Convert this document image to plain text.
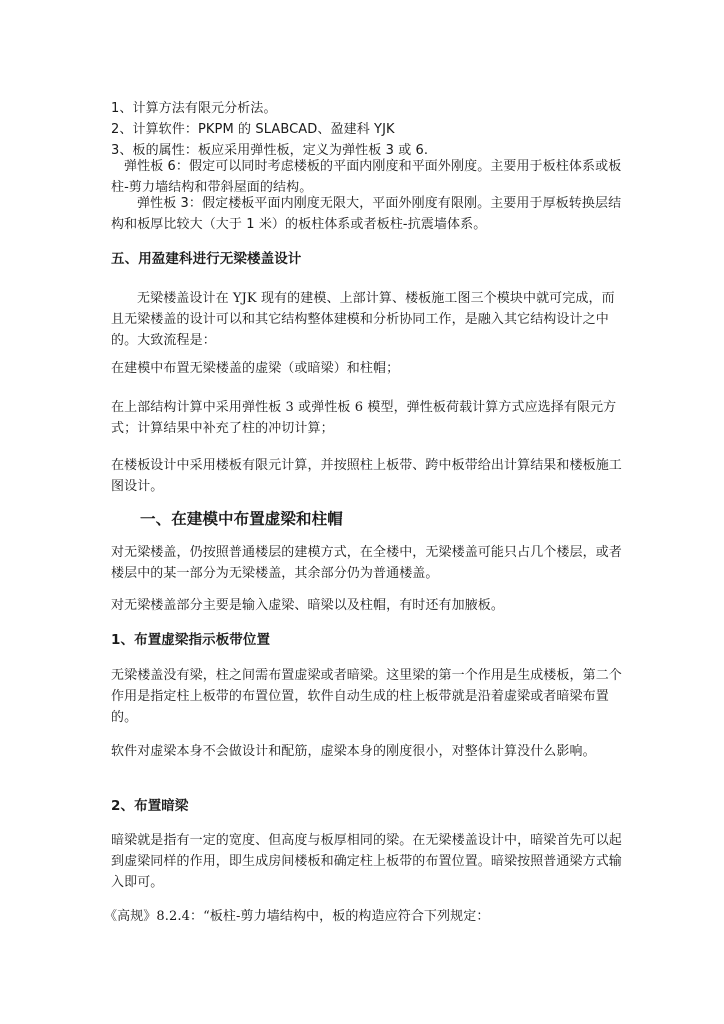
1、计算方法有限元分析法。

2、计算软件：PKPM 的 SLABCAD、盈建科 YJK

3、板的属性：板应采用弹性板，定义为弹性板 3 或 6.

弹性板 6：假定可以同时考虑楼板的平面内刚度和平面外刚度。主要用于板柱体系或板柱-剪力墙结构和带斜屋面的结构。

弹性板 3：假定楼板平面内刚度无限大，平面外刚度有限刚。主要用于厚板转换层结构和板厚比较大（大于 1 米）的板柱体系或者板柱-抗震墙体系。

五、用盈建科进行无梁楼盖设计

无梁楼盖设计在 YJK 现有的建模、上部计算、楼板施工图三个模块中就可完成，而且无梁楼盖的设计可以和其它结构整体建模和分析协同工作，是融入其它结构设计之中的。大致流程是：

在建模中布置无梁楼盖的虚梁（或暗梁）和柱帽；

在上部结构计算中采用弹性板 3 或弹性板 6 模型，弹性板荷载计算方式应选择有限元方式；计算结果中补充了柱的冲切计算；

在楼板设计中采用楼板有限元计算，并按照柱上板带、跨中板带给出计算结果和楼板施工图设计。

一、在建模中布置虚梁和柱帽

对无梁楼盖，仍按照普通楼层的建模方式，在全楼中，无梁楼盖可能只占几个楼层，或者楼层中的某一部分为无梁楼盖，其余部分仍为普通楼盖。

对无梁楼盖部分主要是输入虚梁、暗梁以及柱帽，有时还有加腋板。

1、布置虚梁指示板带位置

无梁楼盖没有梁，柱之间需布置虚梁或者暗梁。这里梁的第一个作用是生成楼板，第二个作用是指定柱上板带的布置位置，软件自动生成的柱上板带就是沿着虚梁或者暗梁布置的。

软件对虚梁本身不会做设计和配筋，虚梁本身的刚度很小，对整体计算没什么影响。

2、布置暗梁

暗梁就是指有一定的宽度、但高度与板厚相同的梁。在无梁楼盖设计中，暗梁首先可以起到虚梁同样的作用，即生成房间楼板和确定柱上板带的布置位置。暗梁按照普通梁方式输入即可。

《高规》8.2.4：“板柱-剪力墙结构中，板的构造应符合下列规定：
